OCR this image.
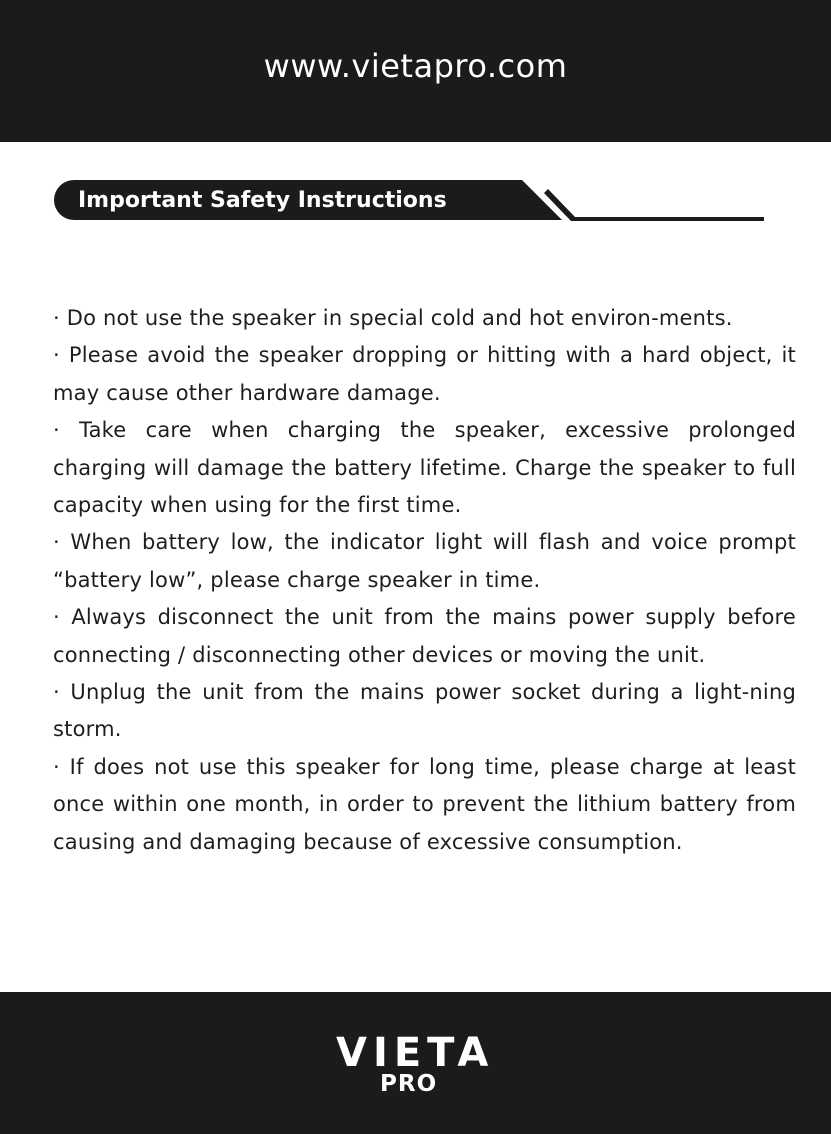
www.vietapro.com
Important Safety Instructions
· Do not use the speaker in special cold and hot environ-ments.
· Please avoid the speaker dropping or hitting with a hard object, it may cause other hardware damage.
· Take care when charging the speaker, excessive prolonged charging will damage the battery lifetime. Charge the speaker to full capacity when using for the first time.
· When battery low, the indicator light will flash and voice prompt “battery low”, please charge speaker in time.
· Always disconnect the unit from the mains power supply before connecting / disconnecting other devices or moving the unit.
· Unplug the unit from the mains power socket during a light-ning storm.
· If does not use this speaker for long time, please charge at least once within one month, in order to prevent the lithium battery from causing and damaging because of excessive consumption.
VIETA
PRO
